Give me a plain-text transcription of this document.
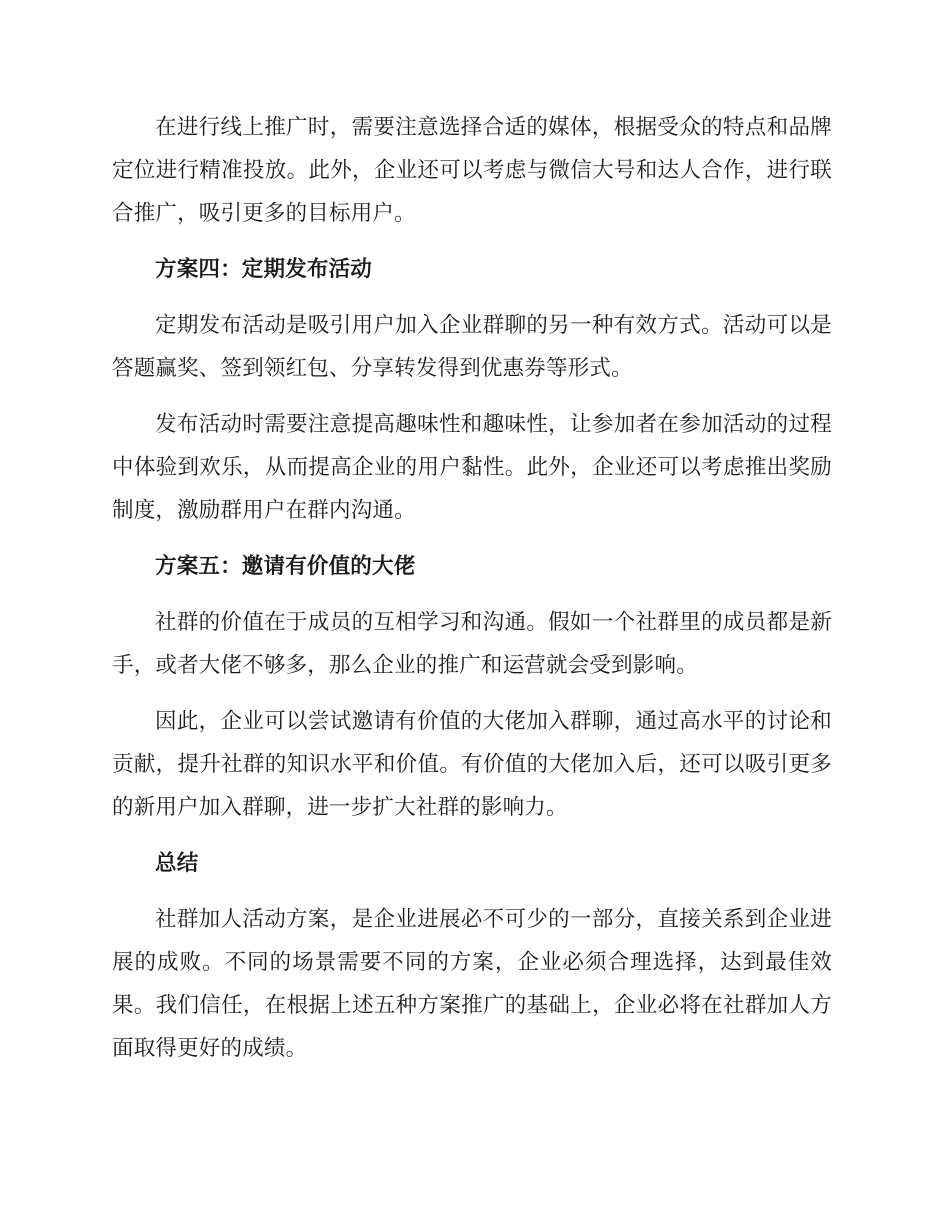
在进行线上推广时，需要注意选择合适的媒体，根据受众的特点和品牌定位进行精准投放。此外，企业还可以考虑与微信大号和达人合作，进行联合推广，吸引更多的目标用户。

方案四：定期发布活动

定期发布活动是吸引用户加入企业群聊的另一种有效方式。活动可以是答题赢奖、签到领红包、分享转发得到优惠券等形式。

发布活动时需要注意提高趣味性和趣味性，让参加者在参加活动的过程中体验到欢乐，从而提高企业的用户黏性。此外，企业还可以考虑推出奖励制度，激励群用户在群内沟通。

方案五：邀请有价值的大佬

社群的价值在于成员的互相学习和沟通。假如一个社群里的成员都是新手，或者大佬不够多，那么企业的推广和运营就会受到影响。

因此，企业可以尝试邀请有价值的大佬加入群聊，通过高水平的讨论和贡献，提升社群的知识水平和价值。有价值的大佬加入后，还可以吸引更多的新用户加入群聊，进一步扩大社群的影响力。

总结

社群加人活动方案，是企业进展必不可少的一部分，直接关系到企业进展的成败。不同的场景需要不同的方案，企业必须合理选择，达到最佳效果。我们信任，在根据上述五种方案推广的基础上，企业必将在社群加人方面取得更好的成绩。
